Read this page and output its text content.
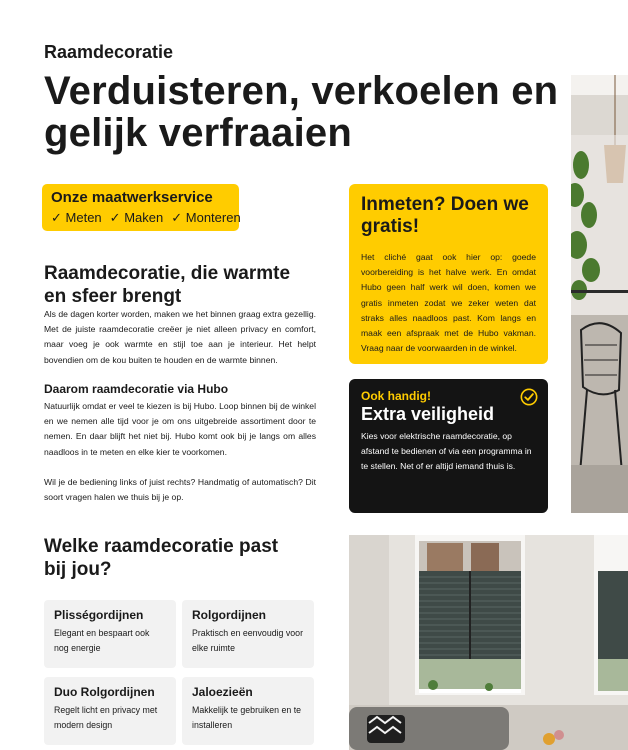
Raamdecoratie
Verduisteren, verkoelen en gelijk verfraaien
Onze maatwerkservice
✓ Meten ✓ Maken ✓ Monteren
Raamdecoratie, die warmte en sfeer brengt

Als de dagen korter worden, maken we het binnen graag extra gezellig. Met de juiste raamdecoratie creëer je niet alleen privacy en comfort, maar voeg je ook warmte en stijl toe aan je interieur. Het helpt bovendien om de kou buiten te houden en de warmte binnen.

Daarom raamdecoratie via Hubo

Natuurlijk omdat er veel te kiezen is bij Hubo. Loop binnen bij de winkel en we nemen alle tijd voor je om ons uitgebreide assortiment door te nemen. En daar blijft het niet bij. Hubo komt ook bij je langs om alles naadloos in te meten en elke kier te voorkomen.

Wil je de bediening links of juist rechts? Handmatig of automatisch? Dit soort vragen halen we thuis bij je op.

Inmeten? Doen we gratis!

Het cliché gaat ook hier op: goede voorbereiding is het halve werk. En omdat Hubo geen half werk wil doen, komen we gratis inmeten zodat we zeker weten dat straks alles naadloos past. Kom langs en maak een afspraak met de Hubo vakman. Vraag naar de voorwaarden in de winkel.

Ook handig!
Extra veiligheid

Kies voor elektrische raamdecoratie, op afstand te bedienen of via een programma in te stellen. Net of er altijd iemand thuis is.

Welke raamdecoratie past bij jou?
Plisségordijnen
Elegant en bespaart ook nog energie
Rolgordijnen
Praktisch en eenvoudig voor elke ruimte
Duo Rolgordijnen
Regelt licht en privacy met modern design
Jaloezieën
Makkelijk te gebruiken en te installeren
